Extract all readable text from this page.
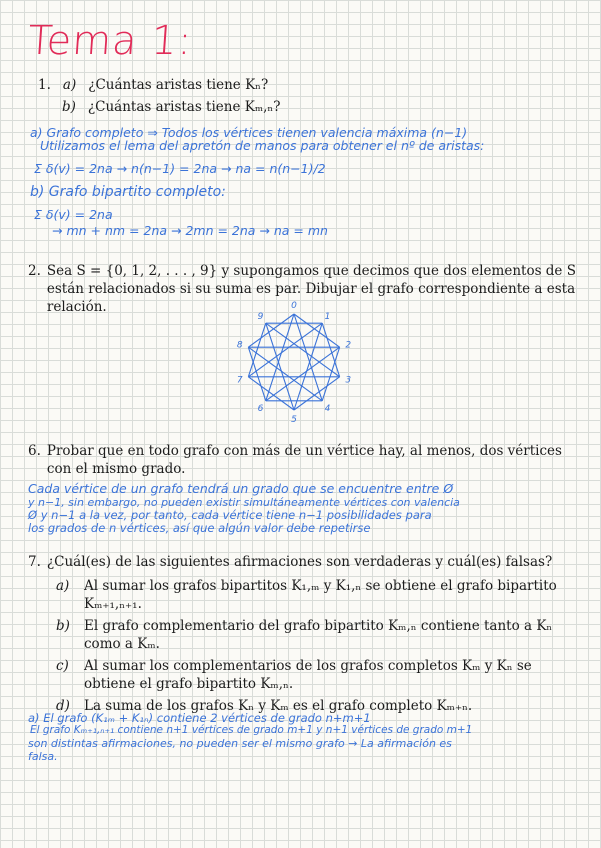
Tema 1:
1. a) ¿Cuántas aristas tiene Kₙ?
b) ¿Cuántas aristas tiene Kₘ,ₙ?
a) Grafo completo ⇒ Todos los vértices tienen valencia máxima (n−1)
Utilizamos el lema del apretón de manos para obtener el nº de aristas:
Σ δ(v) = 2na → n(n−1) = 2na → na = n(n−1)/2
b) Grafo bipartito completo:
Σ δ(v) = 2na
→ mn + nm = 2na → 2mn = 2na → na = mn
2. Sea S = {0, 1, 2, . . . , 9} y supongamos que decimos que dos elementos de S están relacionados si su suma es par. Dibujar el grafo correspondiente a esta relación.	0
1
2
3
4
5
6
7
8
9
6. Probar que en todo grafo con más de un vértice hay, al menos, dos vértices con el mismo grado.
Cada vértice de un grafo tendrá un grado que se encuentre entre Ø
y n−1, sin embargo, no pueden existir simultáneamente vértices con valencia
Ø y n−1 a la vez, por tanto, cada vértice tiene n−1 posibilidades para
los grados de n vértices, así que algún valor debe repetirse
7. ¿Cuál(es) de las siguientes afirmaciones son verdaderas y cuál(es) falsas?
a)	Al sumar los grafos bipartitos K₁,ₘ y K₁,ₙ se obtiene el grafo bipartito Kₘ₊₁,ₙ₊₁.
b)	El grafo complementario del grafo bipartito Kₘ,ₙ contiene tanto a Kₙ como a Kₘ.
c)	Al sumar los complementarios de los grafos completos Kₘ y Kₙ se obtiene el grafo bipartito Kₘ,ₙ.
d)	La suma de los grafos Kₙ y Kₘ es el grafo completo Kₘ₊ₙ.
a) El grafo (K₁ₘ + K₁ₙ) contiene 2 vértices de grado n+m+1
El grafo Kₘ₊₁,ₙ₊₁ contiene n+1 vértices de grado m+1 y n+1 vértices de grado m+1
son distintas afirmaciones, no pueden ser el mismo grafo → La afirmación es
falsa.
